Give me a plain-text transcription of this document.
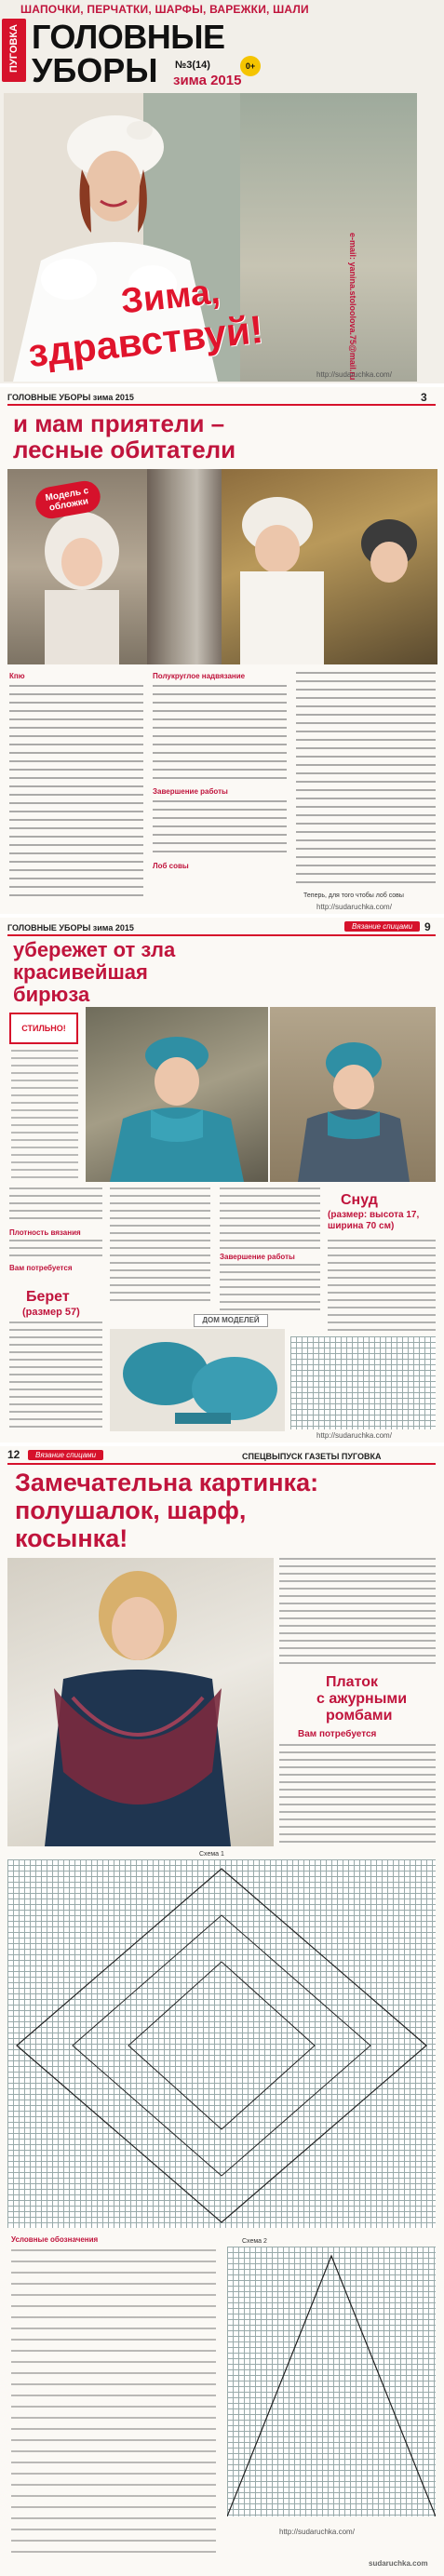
ШАПОЧКИ, ПЕРЧАТКИ, ШАРФЫ, ВАРЕЖКИ, ШАЛИ
ПУГОВКА ГОЛОВНЫЕ
УБОРЫ №3(14)
зима 2015
0+
e-mail: yanina.stoloolova.75@mail.ru
Зима,
здравствуй!	http://sudaruchka.com/
ГОЛОВНЫЕ УБОРЫ зима 2015	3
и мам приятели –
лесные обитатели
Модель с обложки
Кпю	Полукруглое надвязание
Завершение работы
Лоб совы
Теперь, для того чтобы лоб совы
http://sudaruchka.com/
ГОЛОВНЫЕ УБОРЫ зима 2015	Вязание спицами	9
убережет от зла
красивейшая
бирюза
СТИЛЬНО!
Плотность вязания
Вам потребуется
Берет
(размер 57)
Завершение работы
Снуд
(размер: высота 17, ширина 70 см)
ДОМ МОДЕЛЕЙ
http://sudaruchka.com/
12	Вязание спицами	СПЕЦВЫПУСК ГАЗЕТЫ ПУГОВКА
Замечательна картинка:
полушалок, шарф,
косынка!
Платок
с ажурными
ромбами
Вам потребуется
Схема 1
Условные обозначения	Схема 2
sudaruchka.com
http://sudaruchka.com/
